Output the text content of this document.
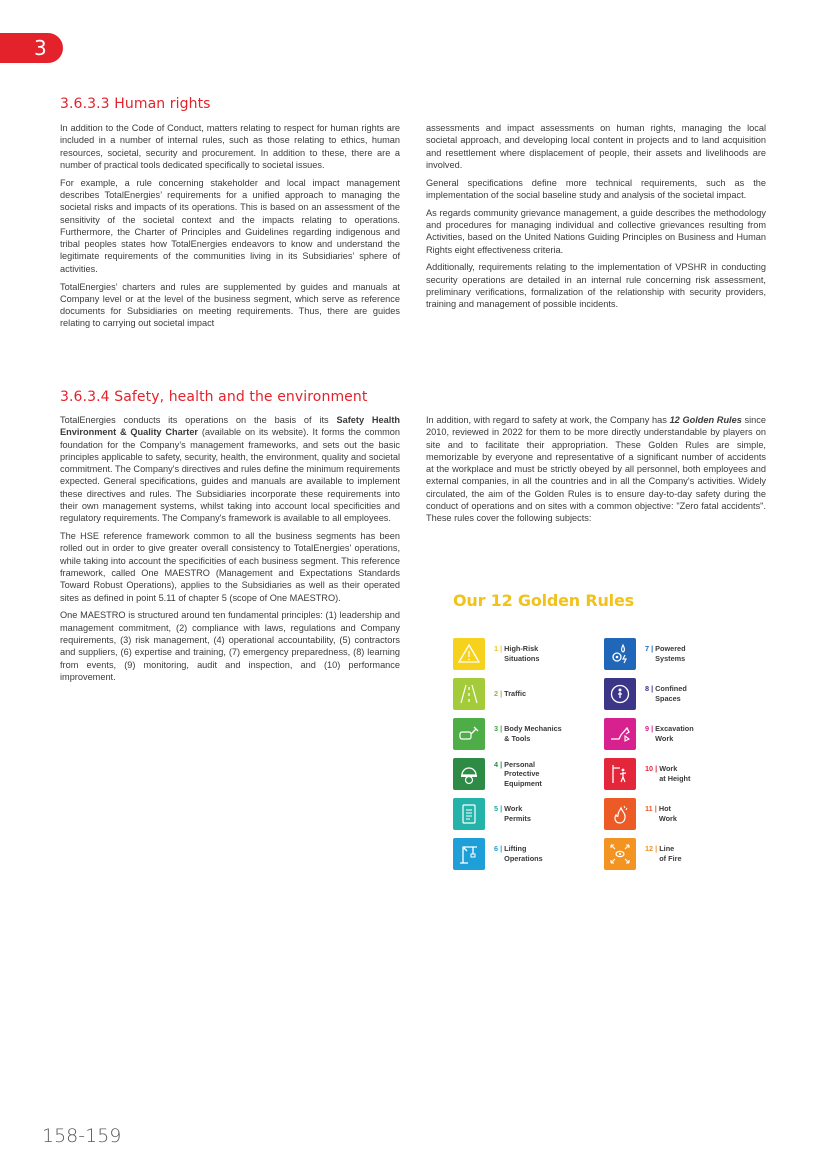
3
3.6.3.3 Human rights

In addition to the Code of Conduct, matters relating to respect for human rights are included in a number of internal rules, such as those relating to ethics, human resources, societal, security and procurement. In addition to these, there are a number of practical tools dedicated specifically to societal issues.

For example, a rule concerning stakeholder and local impact management describes TotalEnergies’ requirements for a unified approach to managing the societal risks and impacts of its operations. This is based on an assessment of the sensitivity of the societal context and the impacts relating to operations. Furthermore, the Charter of Principles and Guidelines regarding indigenous and tribal peoples states how TotalEnergies endeavors to know and understand the legitimate requirements of the communities living in its Subsidiaries’ sphere of activities.

TotalEnergies’ charters and rules are supplemented by guides and manuals at Company level or at the level of the business segment, which serve as reference documents for Subsidiaries on meeting requirements. Thus, there are guides relating to carrying out societal impact

assessments and impact assessments on human rights, managing the local societal approach, and developing local content in projects and to land acquisition and resettlement where displacement of people, their assets and livelihoods are involved.

General specifications define more technical requirements, such as the implementation of the social baseline study and analysis of the societal impact.

As regards community grievance management, a guide describes the methodology and procedures for managing individual and collective grievances resulting from Activities, based on the United Nations Guiding Principles on Business and Human Rights eight effectiveness criteria.

Additionally, requirements relating to the implementation of VPSHR in conducting security operations are detailed in an internal rule concerning risk assessment, preliminary verifications, formalization of the relationship with security providers, training and management of possible incidents.

3.6.3.4 Safety, health and the environment

TotalEnergies conducts its operations on the basis of its Safety Health Environment & Quality Charter (available on its website). It forms the common foundation for the Company’s management frameworks, and sets out the basic principles applicable to safety, security, health, the environment, quality and societal commitment. The Company's directives and rules define the minimum requirements expected. General specifications, guides and manuals are available to implement these directives and rules. The Subsidiaries incorporate these requirements into their own management systems, whilst taking into account local specificities and regulatory requirements. The Company's framework is available to all employees.

The HSE reference framework common to all the business segments has been rolled out in order to give greater overall consistency to TotalEnergies’ operations, while taking into account the specificities of each business segment. This reference framework, called One MAESTRO (Management and Expectations Standards Toward Robust Operations), applies to the Subsidiaries as well as their operated sites as defined in point 5.11 of chapter 5 (scope of One MAESTRO).

One MAESTRO is structured around ten fundamental principles: (1) leadership and management commitment, (2) compliance with laws, regulations and Company requirements, (3) risk management, (4) operational accountability, (5) contractors and suppliers, (6) expertise and training, (7) emergency preparedness, (8) learning from events, (9) monitoring, audit and inspection, and (10) performance improvement.

In addition, with regard to safety at work, the Company has 12 Golden Rules since 2010, reviewed in 2022 for them to be more directly understandable by players on site and to facilitate their appropriation. These Golden Rules are simple, memorizable by everyone and representative of a significant number of accidents at the workplace and must be strictly obeyed by all personnel, both employees and external companies, in all the countries and in all the Company's activities. Widely circulated, the aim of the Golden Rules is to ensure day-to-day safety during the conduct of operations and on sites with a common objective: "Zero fatal accidents". These rules cover the following subjects:

Our 12 Golden Rules
1 | High-Risk
Situations
2 | Traffic
3 | Body Mechanics
& Tools
4 | Personal
Protective
Equipment
5 | Work
Permits
6 | Lifting
Operations
7 | Powered
Systems
8 | Confined
Spaces
9 | Excavation
Work
10 | Work
at Height
11 | Hot
Work
12 | Line
of Fire
158-159
